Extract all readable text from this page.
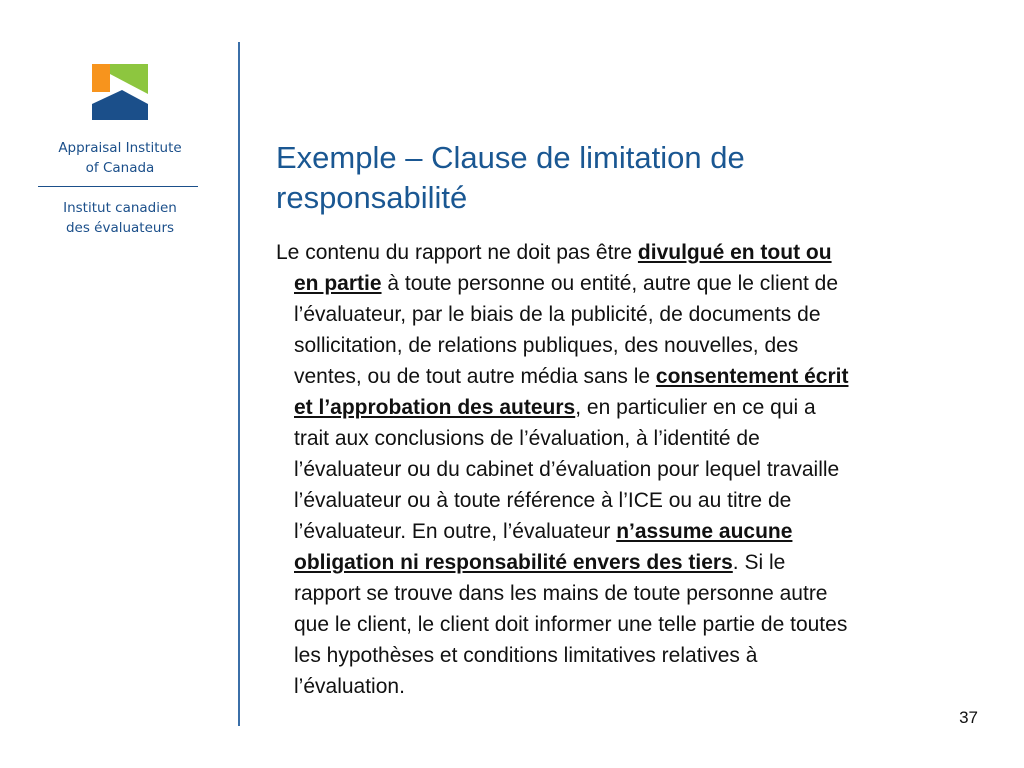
Appraisal Institute
of Canada
Institut canadien
des évaluateurs
Exemple – Clause de limitation de
responsabilité

Le contenu du rapport ne doit pas être divulgué en tout ou
en partie à toute personne ou entité, autre que le client de
l’évaluateur, par le biais de la publicité, de documents de
sollicitation, de relations publiques, des nouvelles, des
ventes, ou de tout autre média sans le consentement écrit
et l’approbation des auteurs, en particulier en ce qui a
trait aux conclusions de l’évaluation, à l’identité de
l’évaluateur ou du cabinet d’évaluation pour lequel travaille
l’évaluateur ou à toute référence à l’ICE ou au titre de
l’évaluateur. En outre, l’évaluateur n’assume aucune
obligation ni responsabilité envers des tiers. Si le
rapport se trouve dans les mains de toute personne autre
que le client, le client doit informer une telle partie de toutes
les hypothèses et conditions limitatives relatives à
l’évaluation.

37
